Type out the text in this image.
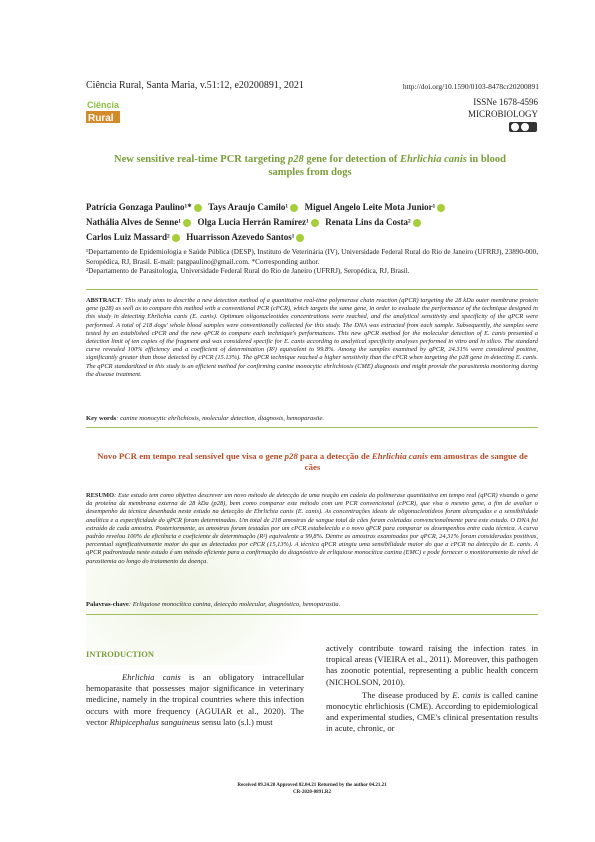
Ciência Rural, Santa Maria, v.51:12, e20200891, 2021	http://doi.org/10.1590/0103-8478cr20200891
Ciência
Rural
ISSNe 1678-4596
MICROBIOLOGY
New sensitive real-time PCR targeting p28 gene for detection of Ehrlichia canis in blood samples from dogs
Patrícia Gonzaga Paulino¹* Tays Araujo Camilo¹ Miguel Angelo Leite Mota Junior¹
Nathália Alves de Senne¹ Olga Lucia Herrán Ramírez¹ Renata Lins da Costa²
Carlos Luiz Massard² Huarrisson Azevedo Santos¹
¹Departamento de Epidemiologia e Saúde Pública (DESP), Instituto de Veterinária (IV), Universidade Federal Rural do Rio de Janeiro (UFRRJ), 23890-000, Seropédica, RJ, Brasil. E-mail: patgpaulino@gmail.com. *Corresponding author.
²Departamento de Parasitologia, Universidade Federal Rural do Rio de Janeiro (UFRRJ), Seropédica, RJ, Brasil.
ABSTRACT: This study aims to describe a new detection method of a quantitative real-time polymerase chain reaction (qPCR) targeting the 28 kDa outer membrane protein gene (p28) as well as to compare this method with a conventional PCR (cPCR), which targets the same gene, in order to evaluate the performance of the technique designed in this study in detecting Ehrlichia canis (E. canis). Optimum oligonucleotides concentrations were reached, and the analytical sensitivity and specificity of the qPCR were performed. A total of 218 dogs' whole blood samples were conventionally collected for this study. The DNA was extracted from each sample. Subsequently, the samples were tested by an established cPCR and the new qPCR to compare each technique's performances. This new qPCR method for the molecular detection of E. canis presented a detection limit of ten copies of the fragment and was considered specific for E. canis according to analytical specificity analyses performed in vitro and in silico. The standard curve revealed 100% efficiency and a coefficient of determination (R²) equivalent to 99.8%. Among the samples examined by qPCR, 24.31% were considered positive, significantly greater than those detected by cPCR (15.13%). The qPCR technique reached a higher sensitivity than the cPCR when targeting the p28 gene in detecting E. canis. The qPCR standardized in this study is an efficient method for confirming canine monocytic ehrlichiosis (CME) diagnosis and might provide the parasitemia monitoring during the disease treatment.
Key words: canine monocytic ehrlichiosis, molecular detection, diagnosis, hemoparasite.
Novo PCR em tempo real sensível que visa o gene p28 para a detecção de Ehrlichia canis em amostras de sangue de cães
RESUMO: Este estudo tem como objetivo descrever um novo método de detecção de uma reação em cadeia da polimerase quantitativa em tempo real (qPCR) visando o gene da proteína da membrana externa de 28 kDa (p28), bem como comparar este método com um PCR convencional (cPCR), que visa o mesmo gene, a fim de avaliar o desempenho da técnica desenhada neste estudo na detecção de Ehrlichia canis (E. canis). As concentrações ideais de oligonucleotídeos foram alcançadas e a sensibilidade analítica e a especificidade do qPCR foram determinadas. Um total de 218 amostras de sangue total de cães foram coletadas convencionalmente para este estudo. O DNA foi extraído de cada amostra. Posteriormente, as amostras foram testadas por um cPCR estabelecido e o novo qPCR para comparar os desempenhos entre cada técnica. A curva padrão revelou 100% de eficiência e coeficiente de determinação (R²) equivalente a 99,8%. Dentre as amostras examinadas por qPCR, 24,31% foram consideradas positivas, percentual significativamente maior do que as detectadas por cPCR (15,13%). A técnica qPCR atingiu uma sensibilidade maior do que a cPCR na detecção de E. canis. A qPCR padronizada neste estudo é um método eficiente para a confirmação do diagnóstico de erliquiose monocítica canina (EMC) e pode fornecer o monitoramento de nível de parasitemia ao longo do tratamento da doença.
Palavras-chave: Erliquiose monocítica canina, detecção molecular, diagnóstico, hemoparasita.
INTRODUCTION
Ehrlichia canis is an obligatory intracellular hemoparasite that possesses major significance in veterinary medicine, namely in the tropical countries where this infection occurs with more frequency (AGUIAR et al., 2020). The vector Rhipicephalus sanguineus sensu lato (s.l.) must
actively contribute toward raising the infection rates in tropical areas (VIEIRA et al., 2011). Moreover, this pathogen has zoonotic potential, representing a public health concern (NICHOLSON, 2010).
The disease produced by E. canis is called canine monocytic ehrlichiosis (CME). According to epidemiological and experimental studies, CME's clinical presentation results in acute, chronic, or
Received 09.24.20 Approved 02.04.21 Returned by the author 04.21.21
CR-2020-0891.R2
